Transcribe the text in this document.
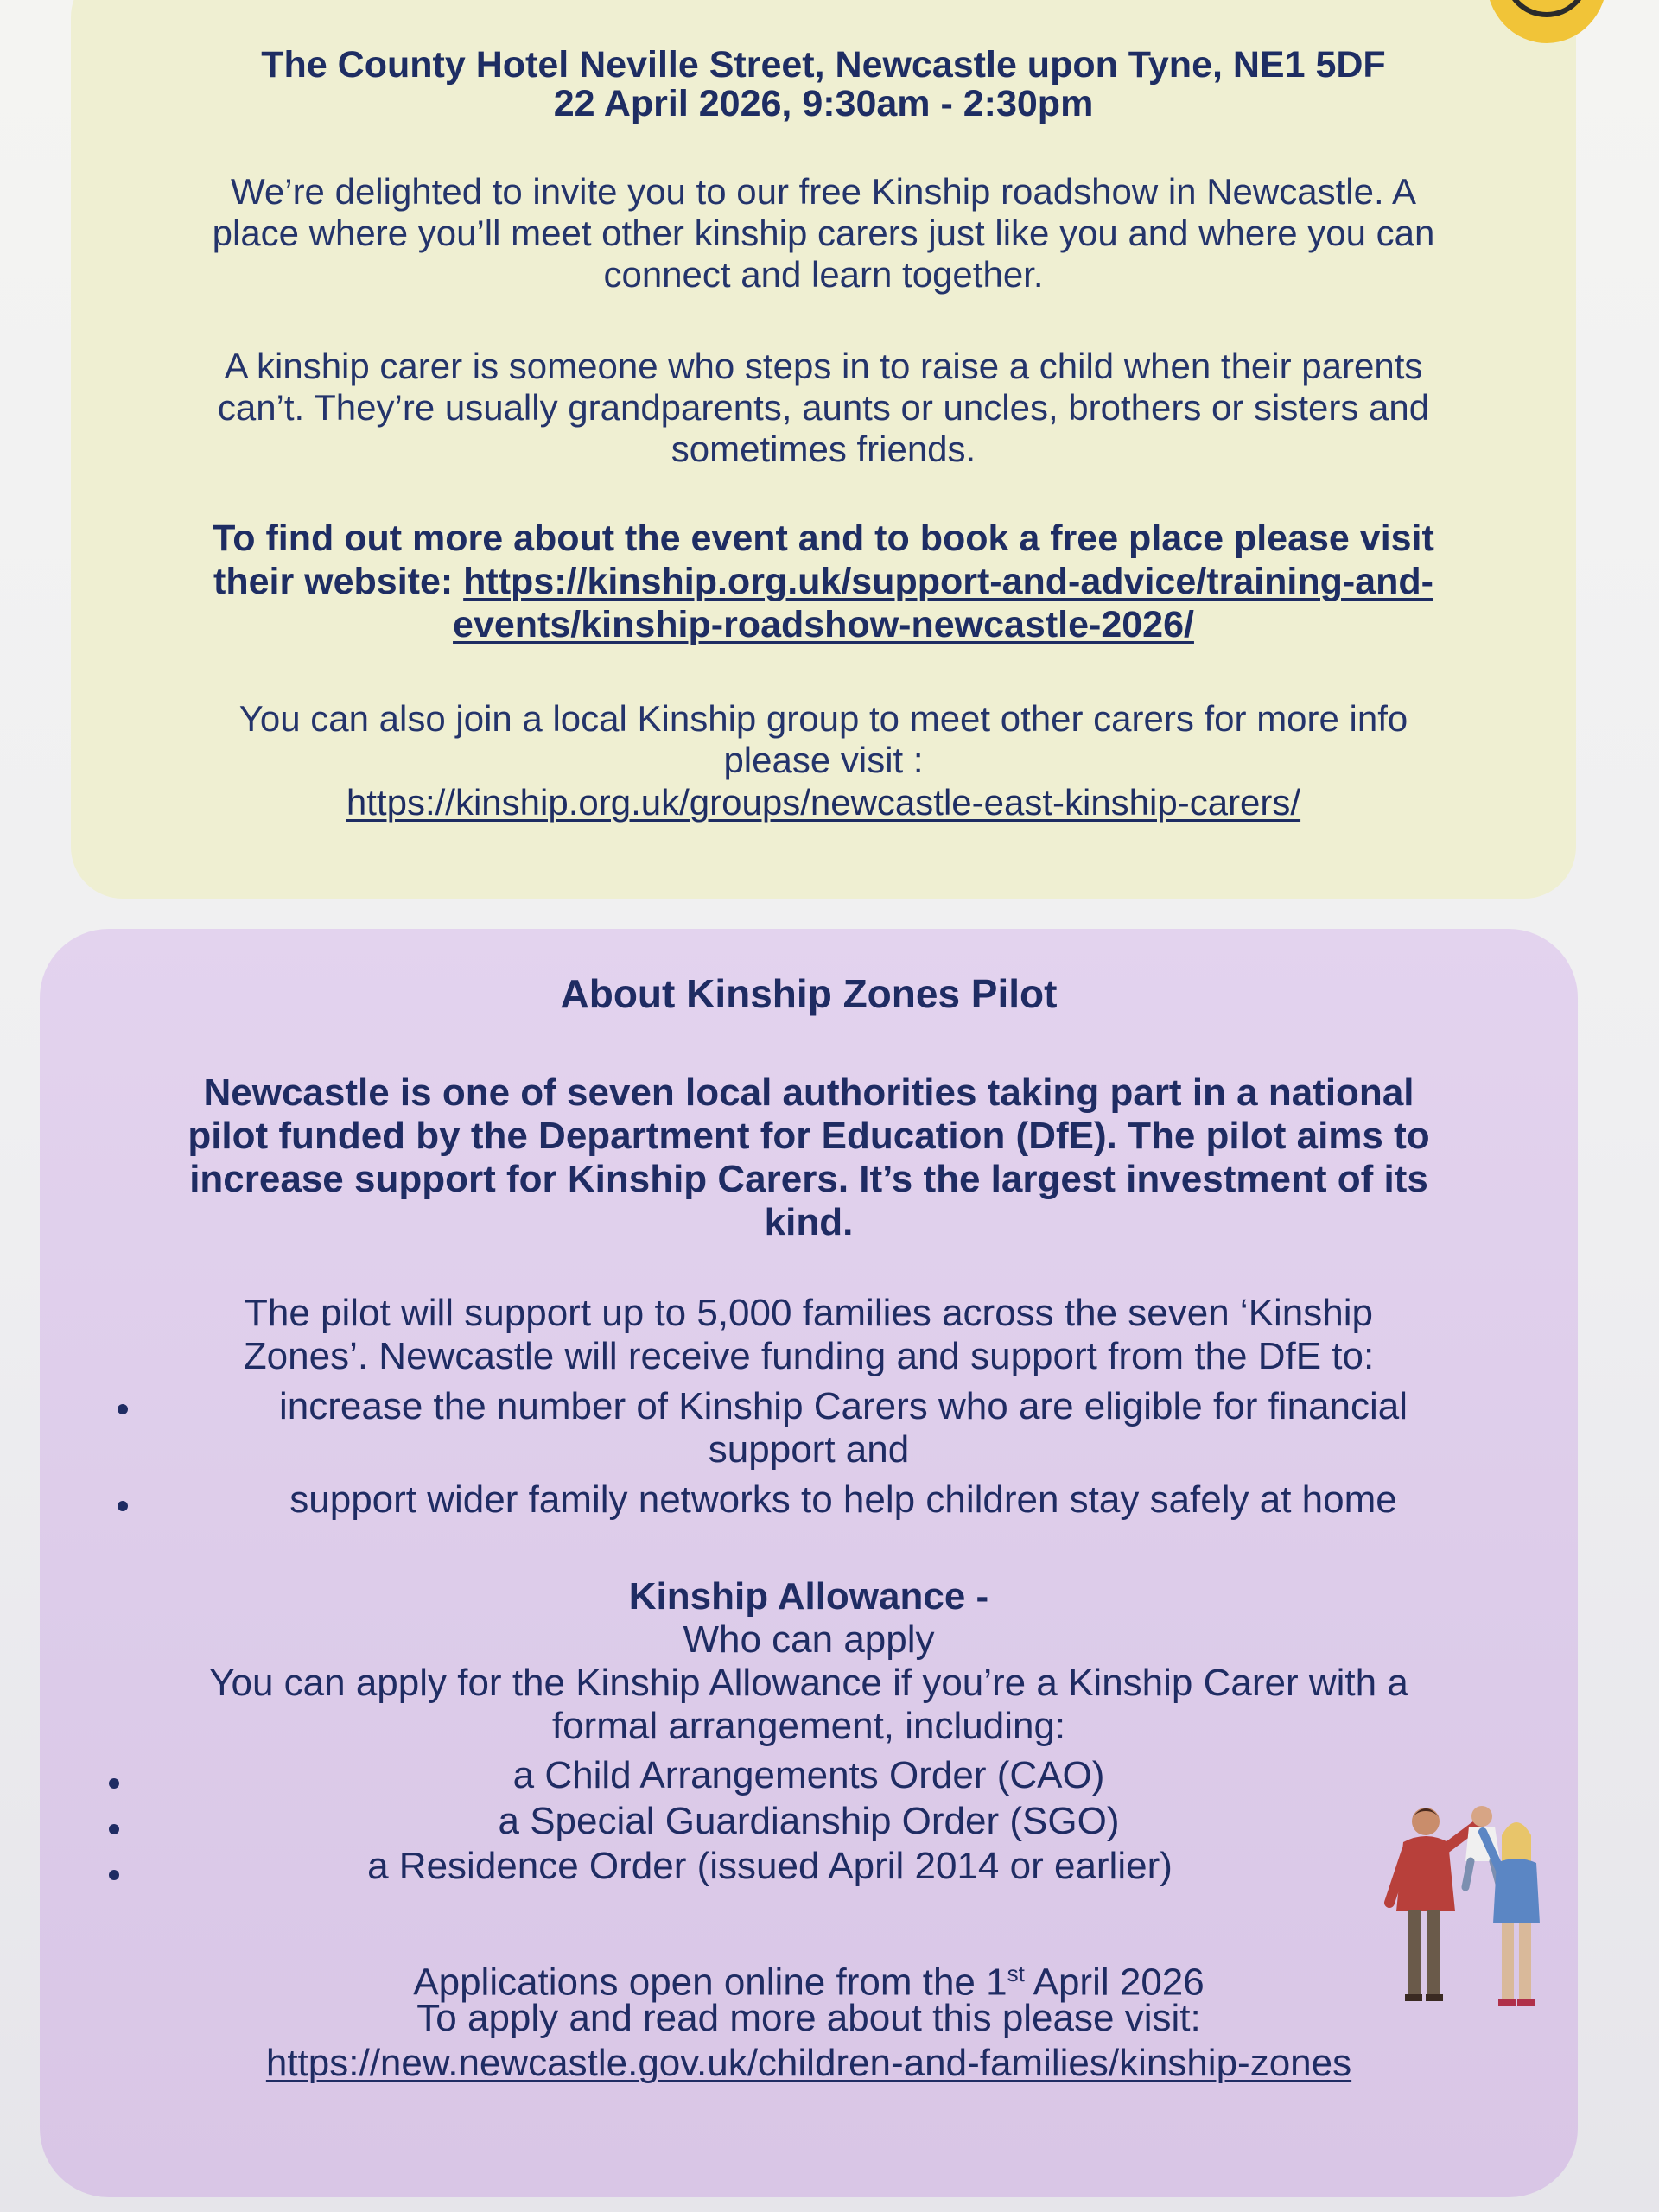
The County Hotel Neville Street, Newcastle upon Tyne, NE1 5DF

22 April 2026, 9:30am - 2:30pm

We’re delighted to invite you to our free Kinship roadshow in Newcastle. A

place where you’ll meet other kinship carers just like you and where you can

connect and learn together.

A kinship carer is someone who steps in to raise a child when their parents

can’t. They’re usually grandparents, aunts or uncles, brothers or sisters and

sometimes friends.

To find out more about the event and to book a free place please visit

their website: https://kinship.org.uk/support-and-advice/training-and-

events/kinship-roadshow-newcastle-2026/

You can also join a local Kinship group to meet other carers for more info

please visit :

https://kinship.org.uk/groups/newcastle-east-kinship-carers/

About Kinship Zones Pilot

Newcastle is one of seven local authorities taking part in a national

pilot funded by the Department for Education (DfE). The pilot aims to

increase support for Kinship Carers. It’s the largest investment of its

kind.

The pilot will support up to 5,000 families across the seven ‘Kinship

Zones’. Newcastle will receive funding and support from the DfE to:

increase the number of Kinship Carers who are eligible for financial

support and

support wider family networks to help children stay safely at home

Kinship Allowance -

Who can apply

You can apply for the Kinship Allowance if you’re a Kinship Carer with a

formal arrangement, including:

a Child Arrangements Order (CAO)

a Special Guardianship Order (SGO)

a Residence Order (issued April 2014 or earlier)

Applications open online from the 1st April 2026

To apply and read more about this please visit:

https://new.newcastle.gov.uk/children-and-families/kinship-zones
